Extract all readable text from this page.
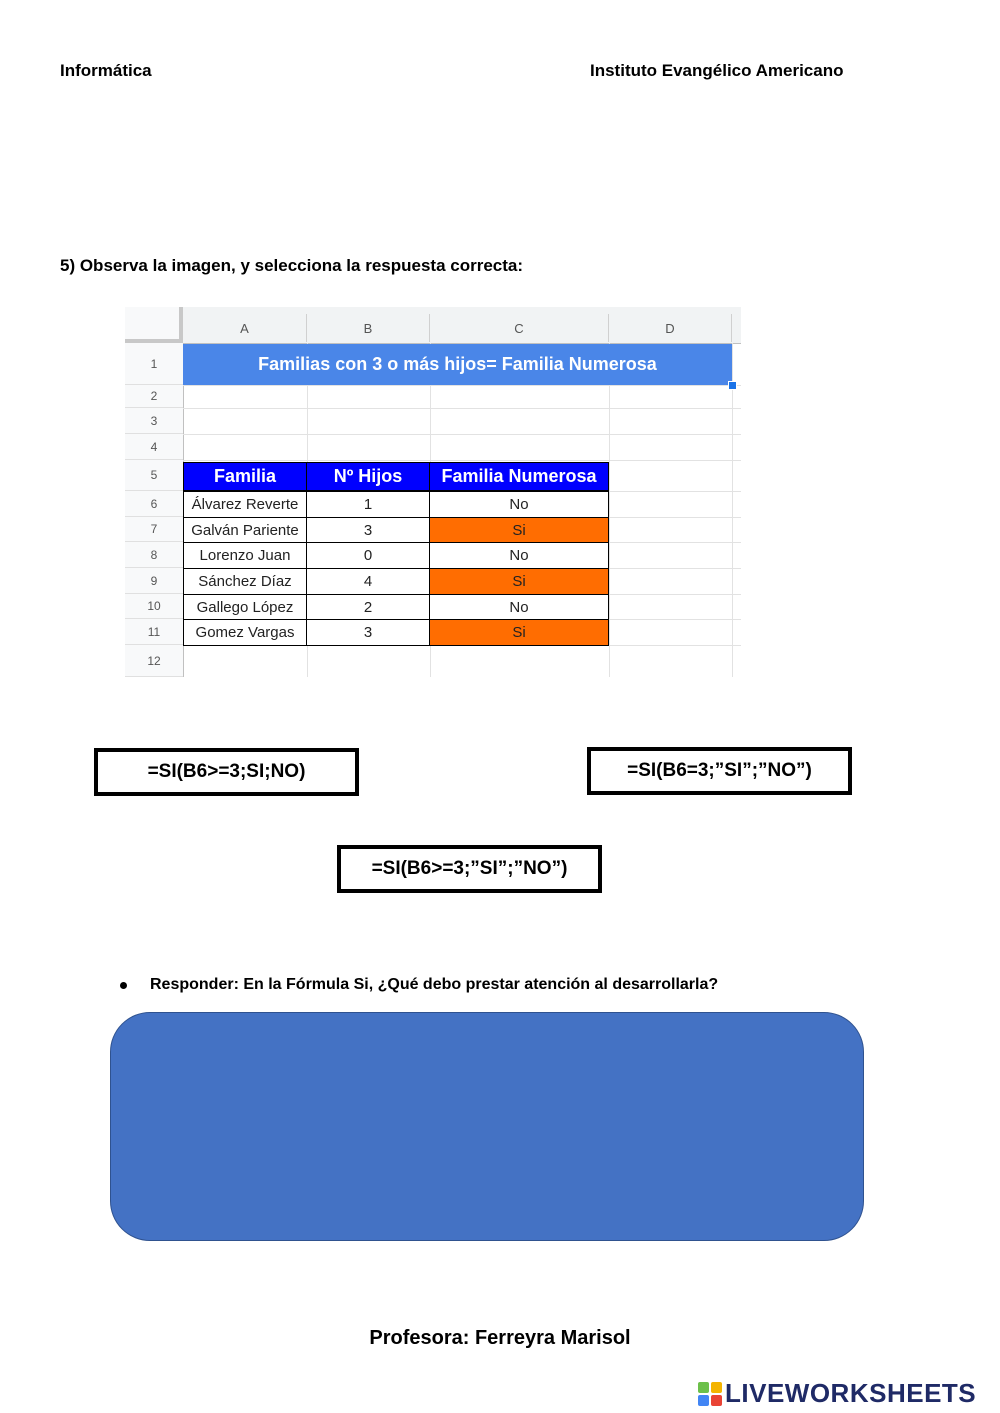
Informática	Instituto Evangélico Americano
5) Observa la imagen, y selecciona la respuesta correcta:
A	B	C	D
1
2
3
4
5
6
7
8
9
10
11
12
Familias con 3 o más hijos= Familia Numerosa
Familia	Nº Hijos	Familia Numerosa
Álvarez Reverte	1	No
Galván Pariente	3	Si
Lorenzo Juan	0	No
Sánchez Díaz	4	Si
Gallego López	2	No
Gomez Vargas	3	Si
=SI(B6>=3;SI;NO)	=SI(B6=3;”SI”;”NO”)
=SI(B6>=3;”SI”;”NO”)
Responder: En la Fórmula Si, ¿Qué debo prestar atención al desarrollarla?
Profesora: Ferreyra Marisol
LIVEWORKSHEETS
